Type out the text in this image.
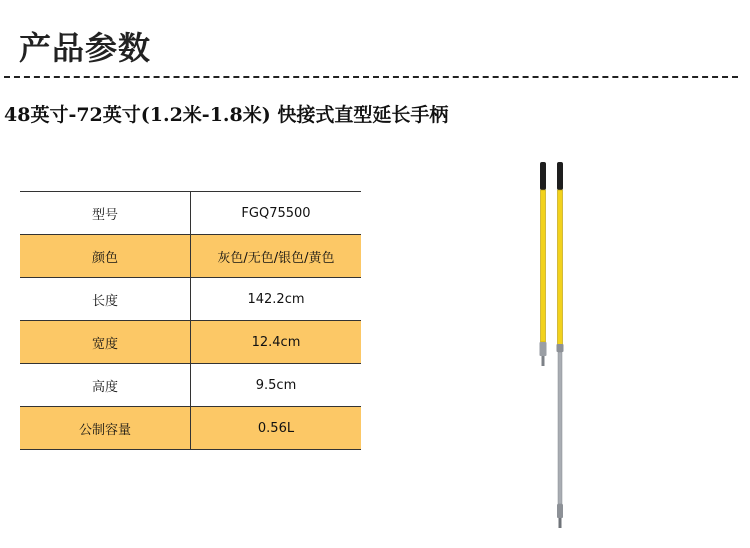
产品参数
48英寸-72英寸(1.2米-1.8米) 快接式直型延长手柄
型号	FGQ75500
颜色	灰色/无色/银色/黄色
长度	142.2cm
宽度	12.4cm
高度	9.5cm
公制容量	0.56L
